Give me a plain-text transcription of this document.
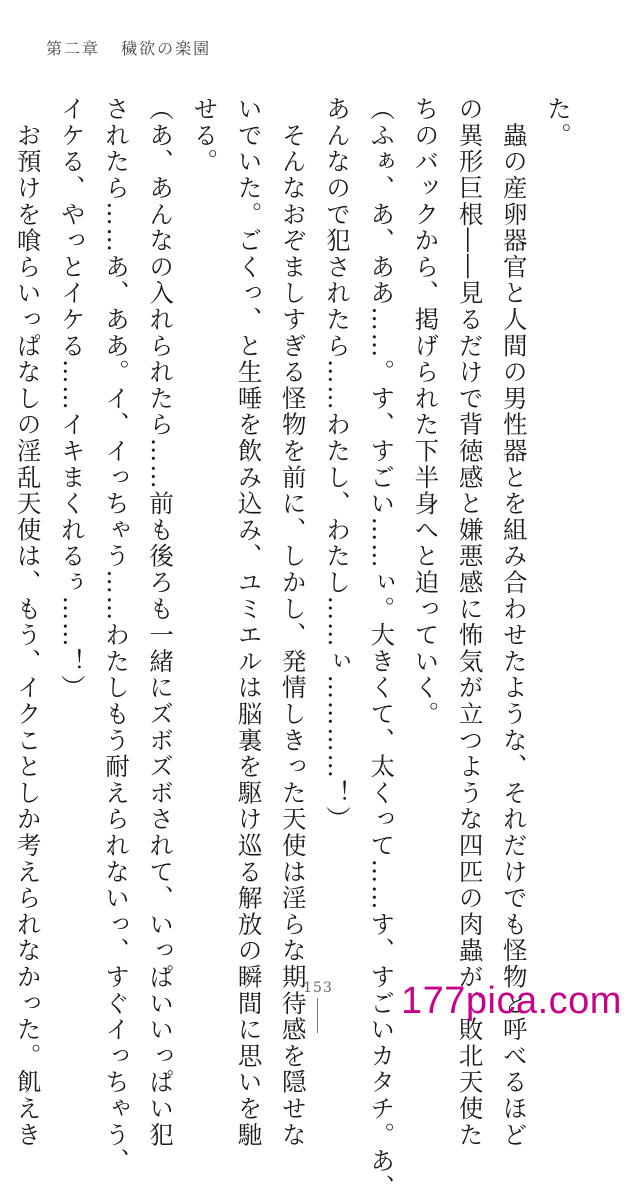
第二章 穢欲の楽園
た。
　蟲の産卵器官と人間の男性器とを組み合わせたような、それだけでも怪物と呼べるほど
の異形巨根――見るだけで背徳感と嫌悪感に怖気が立つような四匹の肉蟲が、敗北天使た
ちのバックから、掲げられた下半身へと迫っていく。
（ふぁ、あ、ああ……。す、すごい……ぃ。大きくて、太くって……す、すごいカタチ。あ、
あんなので犯されたら……わたし、わたし……ぃ…………！）
　そんなおぞましすぎる怪物を前に、しかし、発情しきった天使は淫らな期待感を隠せな
いでいた。ごくっ、と生唾を飲み込み、ユミエルは脳裏を駆け巡る解放の瞬間に思いを馳
せる。
（あ、あんなの入れられたら……前も後ろも一緒にズボズボされて、いっぱいいっぱい犯
されたら……あ、ああ。イ、イっちゃう……わたしもう耐えられないっ、すぐイっちゃう、
イケる、やっとイケる……イキまくれるぅ……！）
　お預けを喰らいっぱなしの淫乱天使は、もう、イクことしか考えられなかった。飢えき	153 177pica.com
